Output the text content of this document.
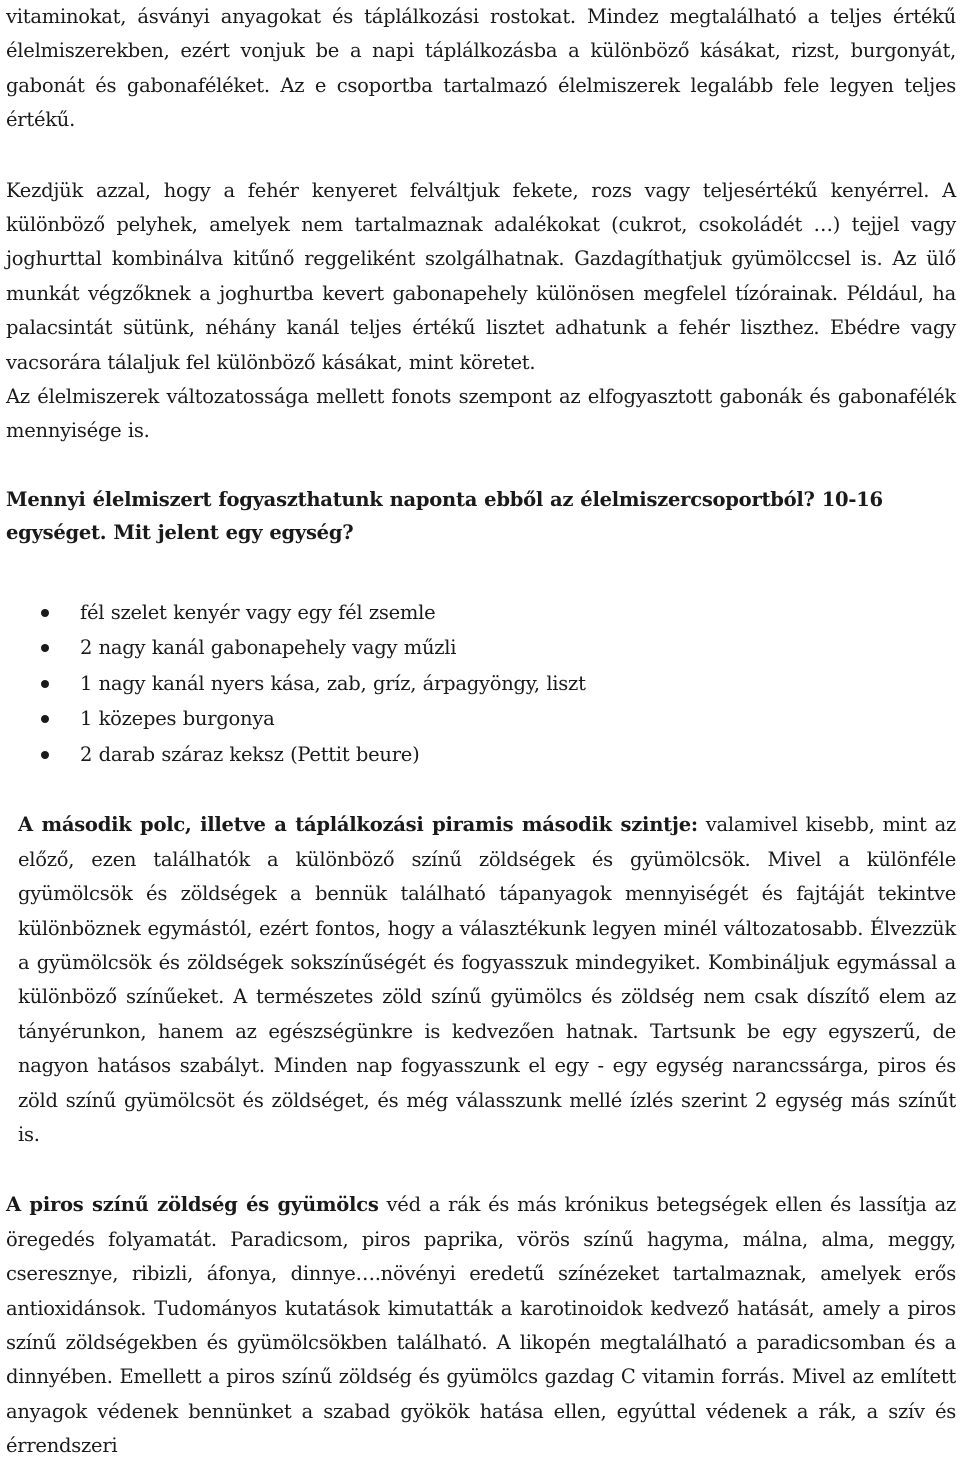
vitaminokat, ásványi anyagokat és táplálkozási rostokat. Mindez megtalálható a teljes értékű élelmiszerekben, ezért vonjuk be a napi táplálkozásba a különböző kásákat, rizst, burgonyát, gabonát és gabonaféléket. Az e csoportba tartalmazó élelmiszerek legalább fele legyen teljes értékű.

Kezdjük azzal, hogy a fehér kenyeret felváltjuk fekete, rozs vagy teljesértékű kenyérrel. A különböző pelyhek, amelyek nem tartalmaznak adalékokat (cukrot, csokoládét …) tejjel vagy joghurttal kombinálva kitűnő reggeliként szolgálhatnak. Gazdagíthatjuk gyümölccsel is. Az ülő munkát végzőknek a joghurtba kevert gabonapehely különösen megfelel tízórainak. Például, ha palacsintát sütünk, néhány kanál teljes értékű lisztet adhatunk a fehér liszthez. Ebédre vagy vacsorára tálaljuk fel különböző kásákat, mint köretet.

Az élelmiszerek változatossága mellett fonots szempont az elfogyasztott gabonák és gabonafélék mennyisége is.

Mennyi élelmiszert fogyaszthatunk naponta ebből az élelmiszercsoportból? 10-16 egységet. Mit jelent egy egység?

fél szelet kenyér vagy egy fél zsemle
2 nagy kanál gabonapehely vagy műzli
1 nagy kanál nyers kása, zab, gríz, árpagyöngy, liszt
1 közepes burgonya
2 darab száraz keksz (Pettit beure)

A második polc, illetve a táplálkozási piramis második szintje: valamivel kisebb, mint az előző, ezen találhatók a különböző színű zöldségek és gyümölcsök. Mivel a különféle gyümölcsök és zöldségek a bennük található tápanyagok mennyiségét és fajtáját tekintve különböznek egymástól, ezért fontos, hogy a választékunk legyen minél változatosabb. Élvezzük a gyümölcsök és zöldségek sokszínűségét és fogyasszuk mindegyiket. Kombináljuk egymással a különböző színűeket. A természetes zöld színű gyümölcs és zöldség nem csak díszítő elem az tányérunkon, hanem az egészségünkre is kedvezően hatnak. Tartsunk be egy egyszerű, de nagyon hatásos szabályt. Minden nap fogyasszunk el egy - egy egység narancssárga, piros és zöld színű gyümölcsöt és zöldséget, és még válasszunk mellé ízlés szerint 2 egység más színűt is.

A piros színű zöldség és gyümölcs véd a rák és más krónikus betegségek ellen és lassítja az öregedés folyamatát. Paradicsom, piros paprika, vörös színű hagyma, málna, alma, meggy, cseresznye, ribizli, áfonya, dinnye….növényi eredetű színézeket tartalmaznak, amelyek erős antioxidánsok. Tudományos kutatások kimutatták a karotinoidok kedvező hatását, amely a piros színű zöldségekben és gyümölcsökben található. A likopén megtalálható a paradicsomban és a dinnyében. Emellett a piros színű zöldség és gyümölcs gazdag C vitamin forrás. Mivel az említett anyagok védenek bennünket a szabad gyökök hatása ellen, egyúttal védenek a rák, a szív és érrendszeri
